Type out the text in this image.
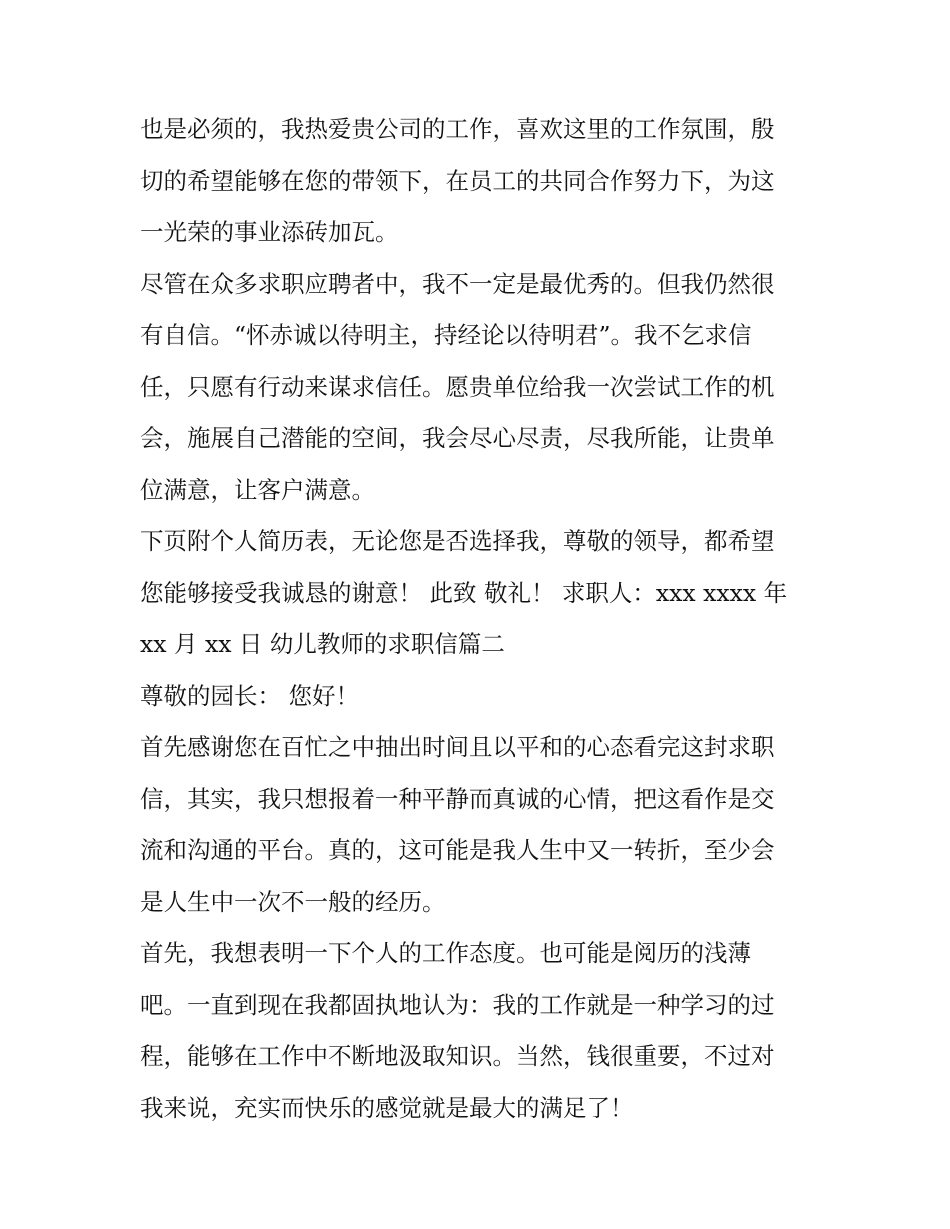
也是必须的，我热爱贵公司的工作，喜欢这里的工作氛围，殷
切的希望能够在您的带领下，在员工的共同合作努力下，为这
一光荣的事业添砖加瓦。
尽管在众多求职应聘者中，我不一定是最优秀的。但我仍然很
有自信。“怀赤诚以待明主，持经论以待明君”。我不乞求信
任，只愿有行动来谋求信任。愿贵单位给我一次尝试工作的机
会，施展自己潜能的空间，我会尽心尽责，尽我所能，让贵单
位满意，让客户满意。
下页附个人简历表，无论您是否选择我，尊敬的领导，都希望
您能够接受我诚恳的谢意！ 此致 敬礼！ 求职人：xxx xxxx 年
xx 月 xx 日 幼儿教师的求职信篇二
尊敬的园长： 您好！
首先感谢您在百忙之中抽出时间且以平和的心态看完这封求职
信，其实，我只想报着一种平静而真诚的心情，把这看作是交
流和沟通的平台。真的，这可能是我人生中又一转折，至少会
是人生中一次不一般的经历。
首先，我想表明一下个人的工作态度。也可能是阅历的浅薄
吧。一直到现在我都固执地认为：我的工作就是一种学习的过
程，能够在工作中不断地汲取知识。当然，钱很重要，不过对
我来说，充实而快乐的感觉就是最大的满足了！
